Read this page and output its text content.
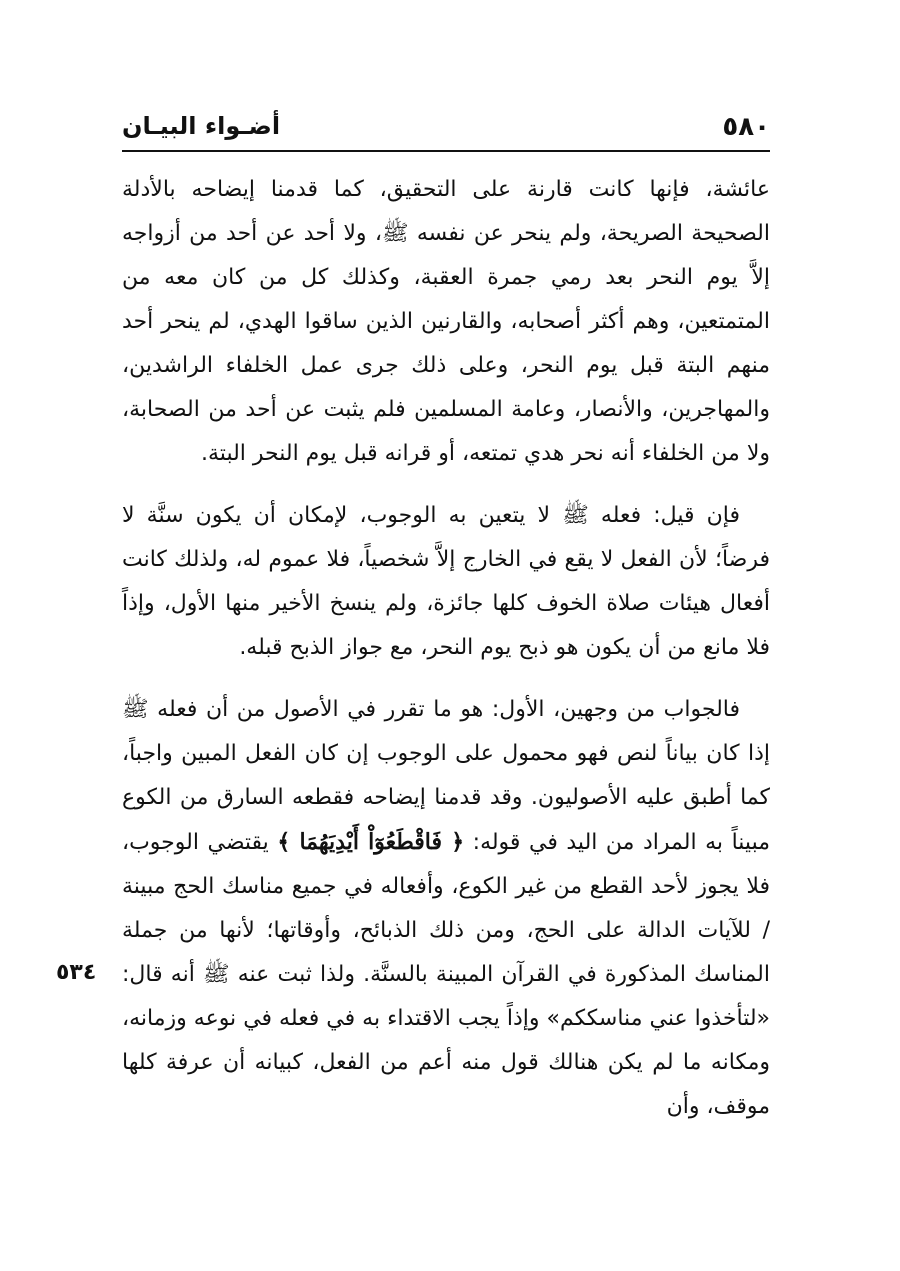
٥٨٠
أضـواء البيـان

عائشة، فإنها كانت قارنة على التحقيق، كما قدمنا إيضاحه بالأدلة الصحيحة الصريحة، ولم ينحر عن نفسه ﷺ، ولا أحد عن أحد من أزواجه إلاَّ يوم النحر بعد رمي جمرة العقبة، وكذلك كل من كان معه من المتمتعين، وهم أكثر أصحابه، والقارنين الذين ساقوا الهدي، لم ينحر أحد منهم البتة قبل يوم النحر، وعلى ذلك جرى عمل الخلفاء الراشدين، والمهاجرين، والأنصار، وعامة المسلمين فلم يثبت عن أحد من الصحابة، ولا من الخلفاء أنه نحر هدي تمتعه، أو قرانه قبل يوم النحر البتة.

فإن قيل: فعله ﷺ لا يتعين به الوجوب، لإمكان أن يكون سنَّة لا فرضاً؛ لأن الفعل لا يقع في الخارج إلاَّ شخصياً، فلا عموم له، ولذلك كانت أفعال هيئات صلاة الخوف كلها جائزة، ولم ينسخ الأخير منها الأول، وإذاً فلا مانع من أن يكون هو ذبح يوم النحر، مع جواز الذبح قبله.

فالجواب من وجهين، الأول: هو ما تقرر في الأصول من أن فعله ﷺ إذا كان بياناً لنص فهو محمول على الوجوب إن كان الفعل المبين واجباً، كما أطبق عليه الأصوليون. وقد قدمنا إيضاحه فقطعه السارق من الكوع مبيناً به المراد من اليد في قوله: ﴿ فَاقْطَعُوٓاْ أَيْدِيَهُمَا ﴾ يقتضي الوجوب، فلا يجوز لأحد القطع من غير الكوع، وأفعاله في جميع مناسك الحج مبينة / للآيات الدالة على الحج، ومن ذلك الذبائح، وأوقاتها؛ لأنها من جملة المناسك المذكورة في القرآن المبينة بالسنَّة. ولذا ثبت عنه ﷺ أنه قال: «لتأخذوا عني مناسككم» وإذاً يجب الاقتداء به في فعله في نوعه وزمانه، ومكانه ما لم يكن هنالك قول منه أعم من الفعل، كبيانه أن عرفة كلها موقف، وأن

٥٣٤
